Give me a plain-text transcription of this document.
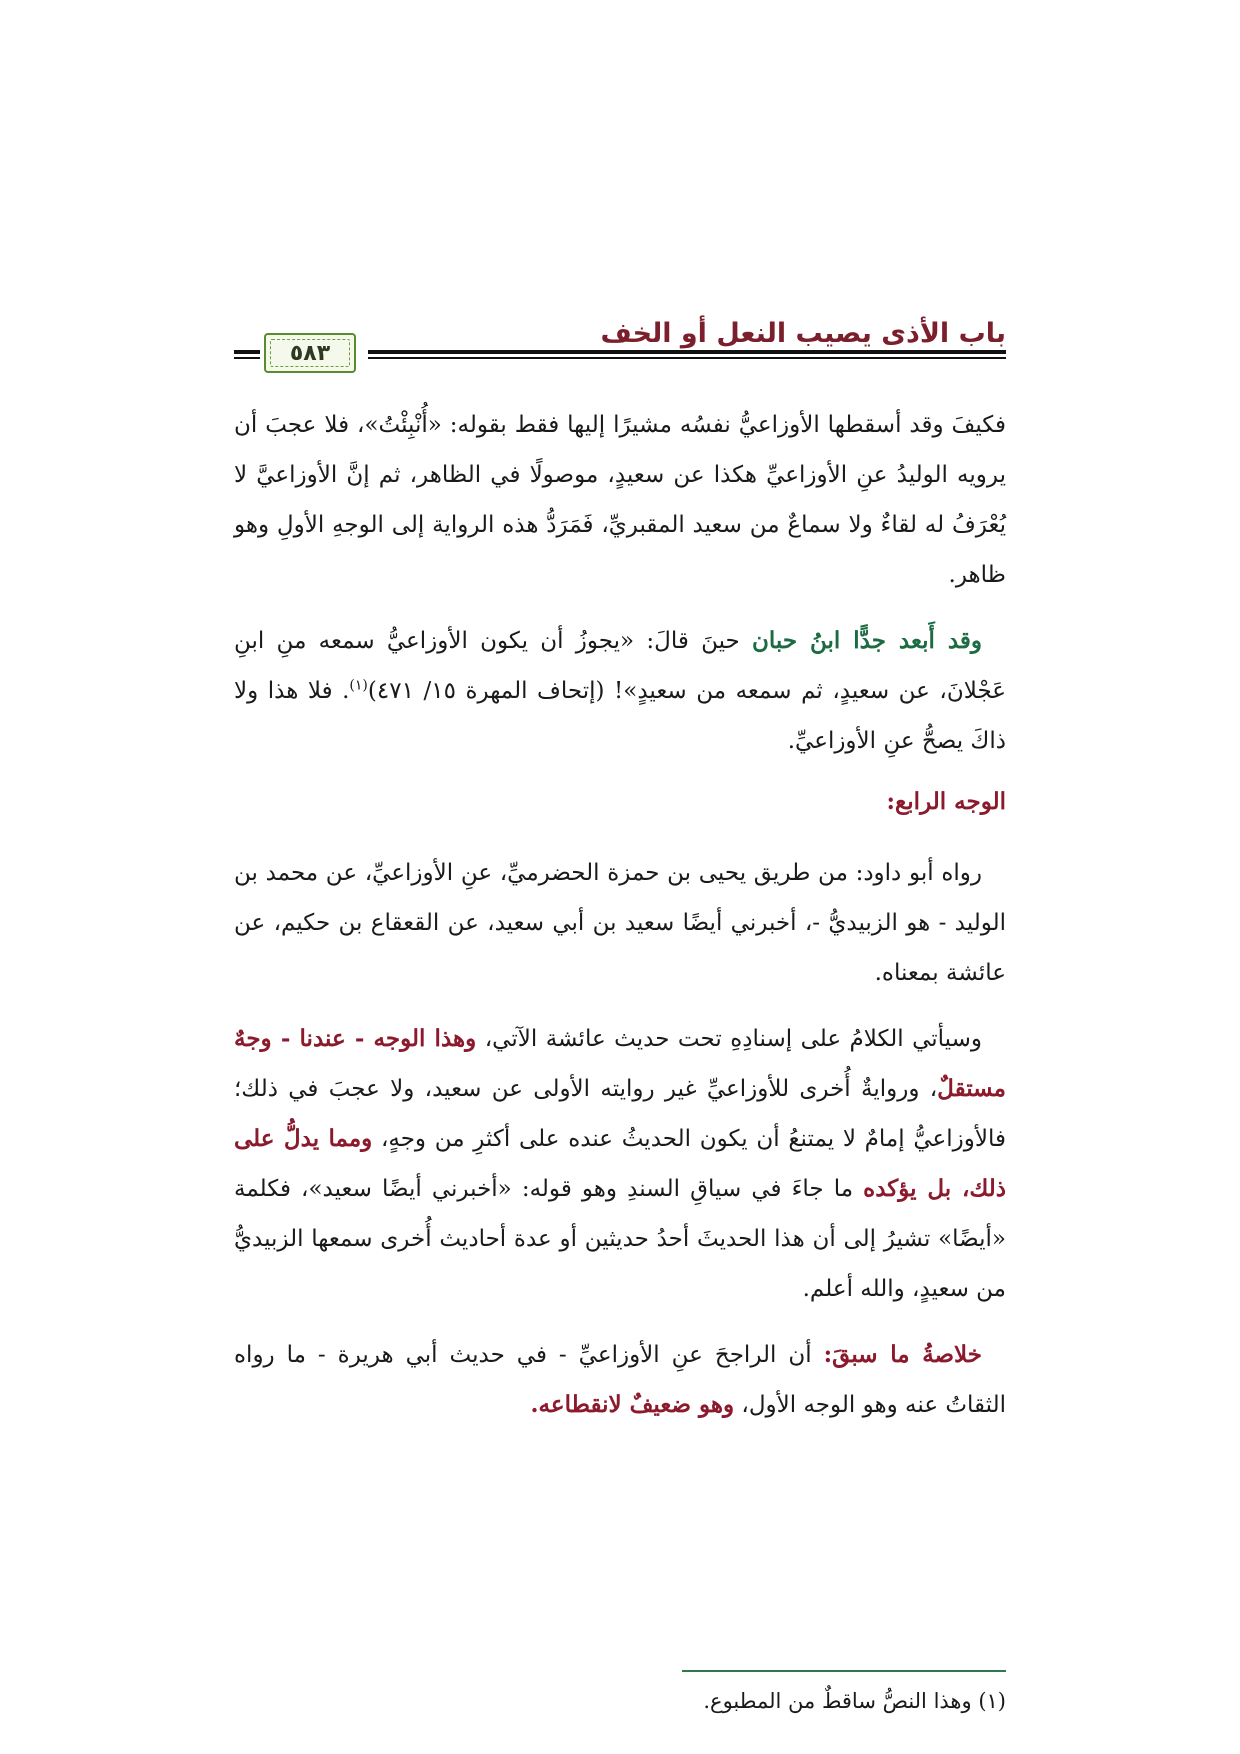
باب الأذى يصيب النعل أو الخف
٥٨٣

فكيفَ وقد أسقطها الأوزاعيُّ نفسُه مشيرًا إليها فقط بقوله: «أُنْبِئْتُ»، فلا عجبَ أن يرويه الوليدُ عنِ الأوزاعيِّ هكذا عن سعيدٍ، موصولًا في الظاهر، ثم إنَّ الأوزاعيَّ لا يُعْرَفُ له لقاءٌ ولا سماعٌ من سعيد المقبريِّ، فَمَرَدُّ هذه الرواية إلى الوجهِ الأولِ وهو ظاهر.

وقد أَبعد جدًّا ابنُ حبان حينَ قالَ: «يجوزُ أن يكون الأوزاعيُّ سمعه منِ ابنِ عَجْلانَ، عن سعيدٍ، ثم سمعه من سعيدٍ»! (إتحاف المهرة ١٥/ ٤٧١)$^{(١)}$. فلا هذا ولا ذاكَ يصحُّ عنِ الأوزاعيِّ.

الوجه الرابع:

رواه أبو داود: من طريق يحيى بن حمزة الحضرميِّ، عنِ الأوزاعيِّ، عن محمد بن الوليد - هو الزبيديُّ -، أخبرني أيضًا سعيد بن أبي سعيد، عن القعقاع بن حكيم، عن عائشة بمعناه.

وسيأتي الكلامُ على إسنادِهِ تحت حديث عائشة الآتي، وهذا الوجه - عندنا - وجهٌ مستقلٌ، وروايةٌ أُخرى للأوزاعيِّ غير روايته الأولى عن سعيد، ولا عجبَ في ذلك؛ فالأوزاعيُّ إمامٌ لا يمتنعُ أن يكون الحديثُ عنده على أكثرِ من وجهٍ، ومما يدلُّ على ذلك، بل يؤكده ما جاءَ في سياقِ السندِ وهو قوله: «أخبرني أيضًا سعيد»، فكلمة «أيضًا» تشيرُ إلى أن هذا الحديثَ أحدُ حديثين أو عدة أحاديث أُخرى سمعها الزبيديُّ من سعيدٍ، والله أعلم.

خلاصةُ ما سبقَ: أن الراجحَ عنِ الأوزاعيِّ - في حديث أبي هريرة - ما رواه الثقاتُ عنه وهو الوجه الأول، وهو ضعيفٌ لانقطاعه.

(١) وهذا النصُّ ساقطٌ من المطبوع.
